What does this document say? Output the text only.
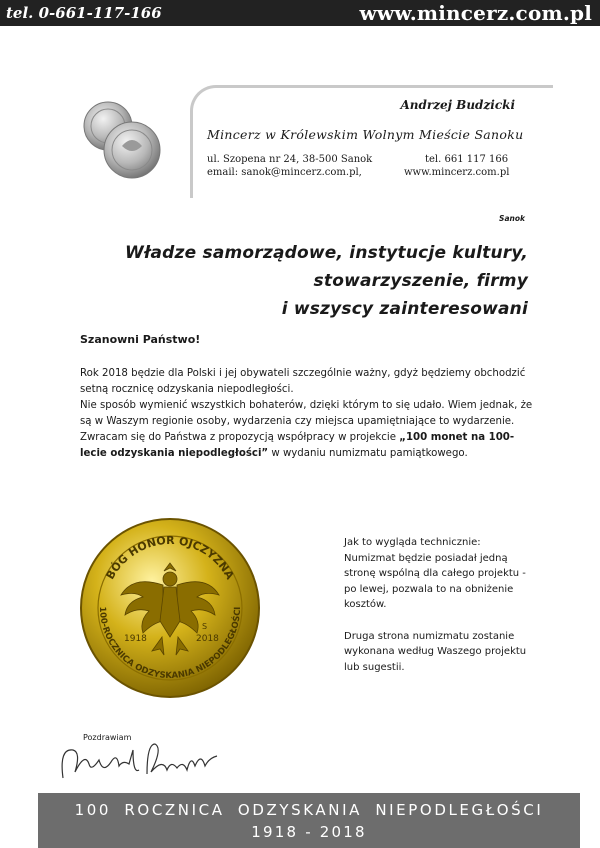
tel. 0-661-117-166	www.mincerz.com.pl
Andrzej Budzicki
Mincerz w Królewskim Wolnym Mieście Sanoku
ul. Szopena nr 24, 38-500 Sanok
email: sanok@mincerz.com.pl,
tel. 661 117 166
www.mincerz.com.pl
Sanok
Władze samorządowe, instytucje kultury,
stowarzyszenie, firmy
i wszyscy zainteresowani
Szanowni Państwo!

Rok 2018 będzie dla Polski i jej obywateli szczególnie ważny, gdyż będziemy obchodzić setną rocznicę odzyskania niepodległości.

Nie sposób wymienić wszystkich bohaterów, dzięki którym to się udało. Wiem jednak, że są w Waszym regionie osoby, wydarzenia czy miejsca upamiętniające to wydarzenie.

Zwracam się do Państwa z propozycją współpracy w projekcie „100 monet na 100-lecie odzyskania niepodległości” w wydaniu numizmatu pamiątkowego.

BÓG HONOR OJCZYZNA
100-ROCZNICA ODZYSKANIA NIEPODLEGŁOŚCI
1918	2018
S

Jak to wygląda technicznie:

Numizmat będzie posiadał jedną stronę wspólną dla całego projektu - po lewej, pozwala to na obniżenie kosztów.

Druga strona numizmatu zostanie wykonana według Waszego projektu lub sugestii.

Pozdrawiam
100 ROCZNICA ODZYSKANIA NIEPODLEGŁOŚCI
1918 - 2018
